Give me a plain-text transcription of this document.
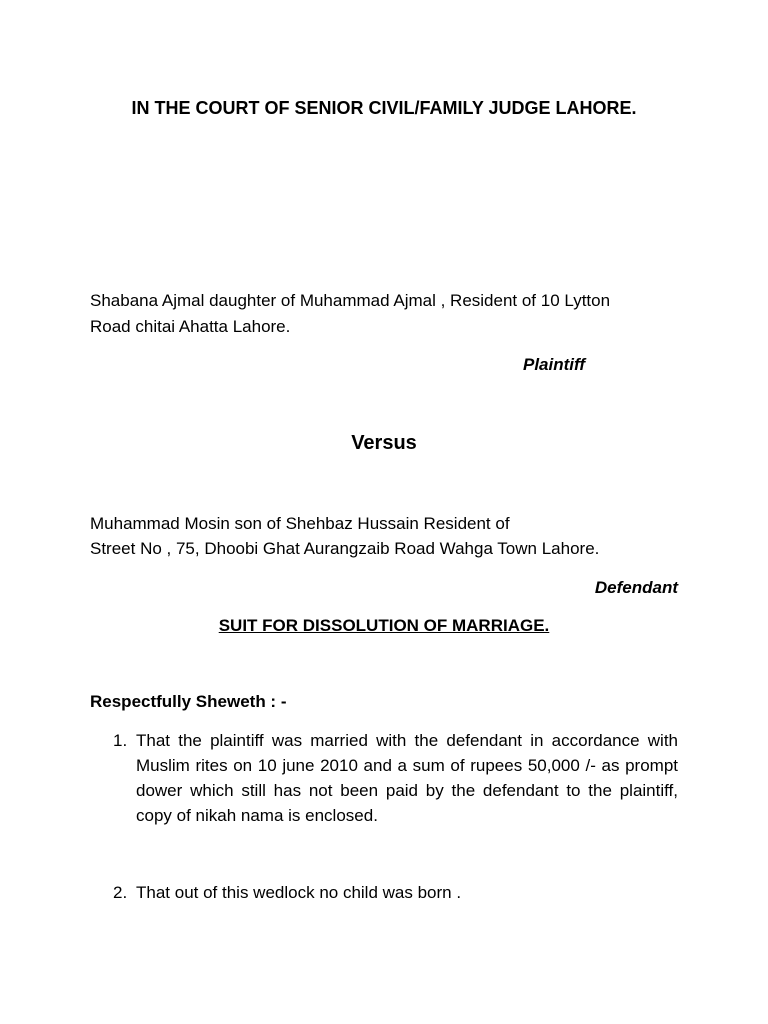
IN THE COURT OF SENIOR CIVIL/FAMILY JUDGE LAHORE.
Shabana Ajmal daughter of Muhammad Ajmal , Resident of 10 Lytton
Road chitai Ahatta Lahore.
Plaintiff
Versus
Muhammad Mosin son of Shehbaz Hussain Resident of
Street No , 75, Dhoobi Ghat Aurangzaib Road Wahga Town Lahore.
Defendant
SUIT FOR DISSOLUTION OF MARRIAGE.
Respectfully Sheweth : -
1. That the plaintiff was married with the defendant in accordance with Muslim rites on 10 june 2010 and a sum of rupees 50,000 /- as prompt dower which still has not been paid by the defendant to the plaintiff, copy of nikah nama is enclosed.
2. That out of this wedlock no child was born .
